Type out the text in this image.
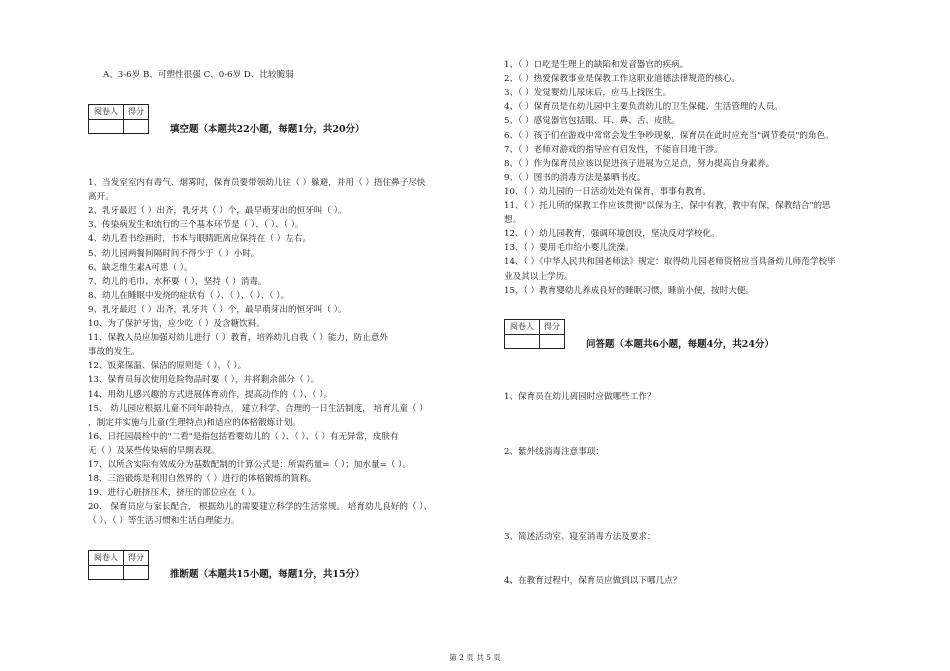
A、3-6岁 B、可塑性很强 C、0-6岁 D、比较脆弱
阅卷人	得分
填空题（本题共22小题，每题1分，共20分）
1、当发室室内有毒气、烟雾时，保育员要带领幼儿往（ ）躲避，并用（ ）捂住鼻子尽快
离开。
2、乳牙最迟（ ）出齐，乳牙共（ ）个，最早萌芽出的恒牙叫（ ）。
3、传染病发生和流行的三个基本环节是（ ）、（ ）、（ ）。
4、幼儿看书绘画时，书本与眼睛距离应保持在（ ）左右。
5、幼儿园两餐间隔时间不得少于（ ）小时。
6、缺乏维生素A可患（ ）。
7、幼儿的毛巾、水杯要（ ），坚持（ ）消毒。
8、幼儿在睡眠中发烧的症状有（ ）、（ ）、（ ）、（ ）。
9、乳牙最迟（ ）出齐，乳牙共（ ）个，最早萌芽出的恒牙叫（ ）。
10、为了保护牙齿，应少吃（ ）及含糖饮料。
11、保教人员应加强对幼儿进行（ ）教育，培养幼儿自我（ ）能力，防止意外
事故的发生。
12、饭菜保温、保洁的原则是（ ），（ ）。
13、保育员每次使用危险物品时要（ ），并将剩余部分（ ）。
14、用幼儿感兴趣的方式进展体育动作，提高动作的（ ）、（ ）。
15、 幼儿园应根据儿童不同年龄特点， 建立科学、合理的一日生活制度， 培育儿童（ ）
，制定并实施与儿童(生理特点)和适应的体格锻炼计划。
16、日托园晨检中的"二看"是指包括看婴幼儿的（ ）、（ ）、（ ）有无异常，皮肤有
无（ ）及某些传染病的早期表现。
17、以所含实际有效成分为基数配制的计算公式是：所需药量=（ ）；加水量=（ ）。
18、三浴锻炼是利用自然界的（ ）进行的体格锻炼的简称。
19、进行心脏挤压术，挤压的部位应在（ ）。
20、 保育员应与家长配合， 根据幼儿的需要建立科学的生活常规。 培育幼儿良好的（ ）、
（ ）、（ ）等生活习惯和生活自理能力。
阅卷人	得分
推断题（本题共15小题，每题1分，共15分）
1、（ ）口吃是生理上的缺陷和发音器官的疾病。
2、（ ）热爱保教事业是保教工作这职业道德法律规范的核心。
3、（ ）发觉婴幼儿尿床后，应马上找医生。
4、（ ）保育员是在幼儿园中主要负责幼儿的卫生保健、生活管理的人员。
5、（ ）感觉器官包括眼、耳、鼻、舌、皮肤。
6、（ ）孩子们在游戏中常常会发生争吵现象，保育员在此时应充当"调节委员"的角色。
7、（ ）老师对游戏的指导应有启发性，不能盲目地干涉。
8、（ ）作为保育员应该以促进孩子进展为立足点，努力提高自身素养。
9、（ ）图书的消毒方法是暴晒书皮。
10、（ ）幼儿园的一日活动处处有保育，事事有教育。
11、（ ）托儿所的保教工作应该贯彻"以保为主，保中有教，教中有保，保教结合"的思
想。
12、（ ）幼儿园教育，强调环境创设，坚决反对学校化。
13、（ ）要用毛巾给小婴儿洗澡。
14、（ ）《中华人民共和国老师法》规定：取得幼儿园老师资格应当具备幼儿师范学校毕
业及其以上学历。
15、（ ）教育婴幼儿养成良好的睡眠习惯，睡前小便，按时大便。
阅卷人	得分
问答题（本题共6小题，每题4分，共24分）
1、保育员在幼儿离园时应做哪些工作？
2、紫外线消毒注意事项：
3、简述活动室、寝室消毒方法及要求：
4、在教育过程中，保育员应做到以下哪几点？
第 2 页 共 5 页
